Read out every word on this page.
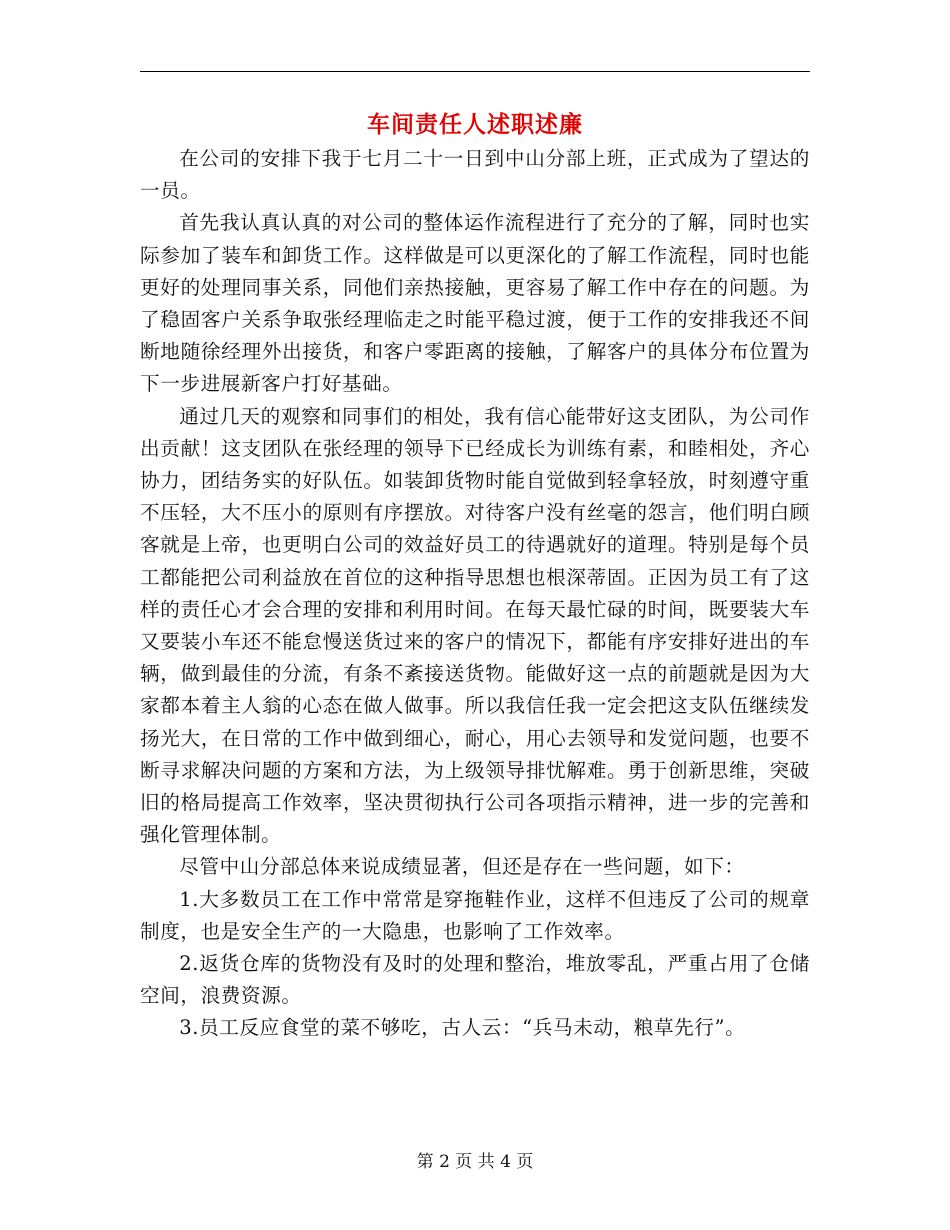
车间责任人述职述廉

在公司的安排下我于七月二十一日到中山分部上班，正式成为了望达的一员。

首先我认真认真的对公司的整体运作流程进行了充分的了解，同时也实际参加了装车和卸货工作。这样做是可以更深化的了解工作流程，同时也能更好的处理同事关系，同他们亲热接触，更容易了解工作中存在的问题。为了稳固客户关系争取张经理临走之时能平稳过渡，便于工作的安排我还不间断地随徐经理外出接货，和客户零距离的接触，了解客户的具体分布位置为下一步进展新客户打好基础。

通过几天的观察和同事们的相处，我有信心能带好这支团队，为公司作出贡献！这支团队在张经理的领导下已经成长为训练有素，和睦相处，齐心协力，团结务实的好队伍。如装卸货物时能自觉做到轻拿轻放，时刻遵守重不压轻，大不压小的原则有序摆放。对待客户没有丝毫的怨言，他们明白顾客就是上帝，也更明白公司的效益好员工的待遇就好的道理。特别是每个员工都能把公司利益放在首位的这种指导思想也根深蒂固。正因为员工有了这样的责任心才会合理的安排和利用时间。在每天最忙碌的时间，既要装大车又要装小车还不能怠慢送货过来的客户的情况下，都能有序安排好进出的车辆，做到最佳的分流，有条不紊接送货物。能做好这一点的前题就是因为大家都本着主人翁的心态在做人做事。所以我信任我一定会把这支队伍继续发扬光大，在日常的工作中做到细心，耐心，用心去领导和发觉问题，也要不断寻求解决问题的方案和方法，为上级领导排忧解难。勇于创新思维，突破旧的格局提高工作效率，坚决贯彻执行公司各项指示精神，进一步的完善和强化管理体制。

尽管中山分部总体来说成绩显著，但还是存在一些问题，如下：

1.大多数员工在工作中常常是穿拖鞋作业，这样不但违反了公司的规章制度，也是安全生产的一大隐患，也影响了工作效率。

2.返货仓库的货物没有及时的处理和整治，堆放零乱，严重占用了仓储空间，浪费资源。

3.员工反应食堂的菜不够吃，古人云：“兵马未动，粮草先行”。

第 2 页 共 4 页
